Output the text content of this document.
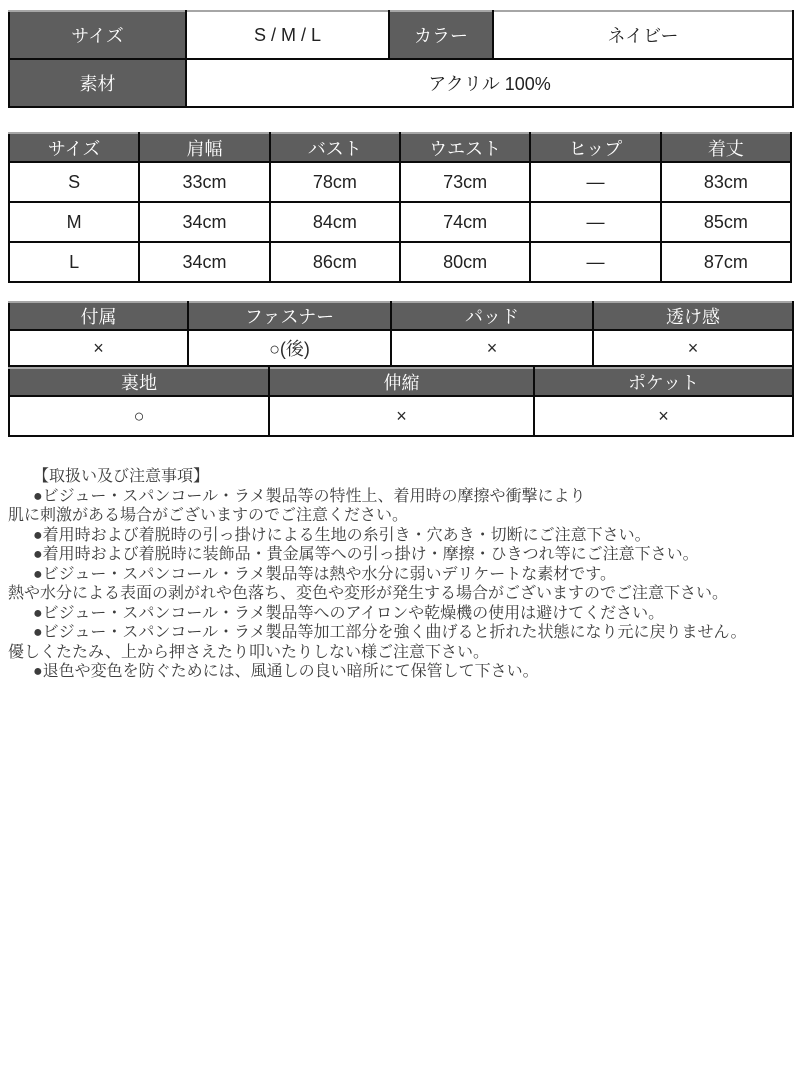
サイズ	S / M / L	カラー	ネイビー
素材	アクリル 100%		
サイズ	肩幅	バスト	ウエスト	ヒップ	着丈
S	33cm	78cm	73cm	―	83cm
M	34cm	84cm	74cm	―	85cm
L	34cm	86cm	80cm	―	87cm
付属	ファスナー	パッド	透け感
×	○(後)	×	×
裏地	伸縮	ポケット
○	×	×
【取扱い及び注意事項】
●ビジュー・スパンコール・ラメ製品等の特性上、着用時の摩擦や衝撃により
肌に刺激がある場合がございますのでご注意ください。
●着用時および着脱時の引っ掛けによる生地の糸引き・穴あき・切断にご注意下さい。
●着用時および着脱時に装飾品・貴金属等への引っ掛け・摩擦・ひきつれ等にご注意下さい。
●ビジュー・スパンコール・ラメ製品等は熱や水分に弱いデリケートな素材です。
熱や水分による表面の剥がれや色落ち、変色や変形が発生する場合がございますのでご注意下さい。
●ビジュー・スパンコール・ラメ製品等へのアイロンや乾燥機の使用は避けてください。
●ビジュー・スパンコール・ラメ製品等加工部分を強く曲げると折れた状態になり元に戻りません。
優しくたたみ、上から押さえたり叩いたりしない様ご注意下さい。
●退色や変色を防ぐためには、風通しの良い暗所にて保管して下さい。
